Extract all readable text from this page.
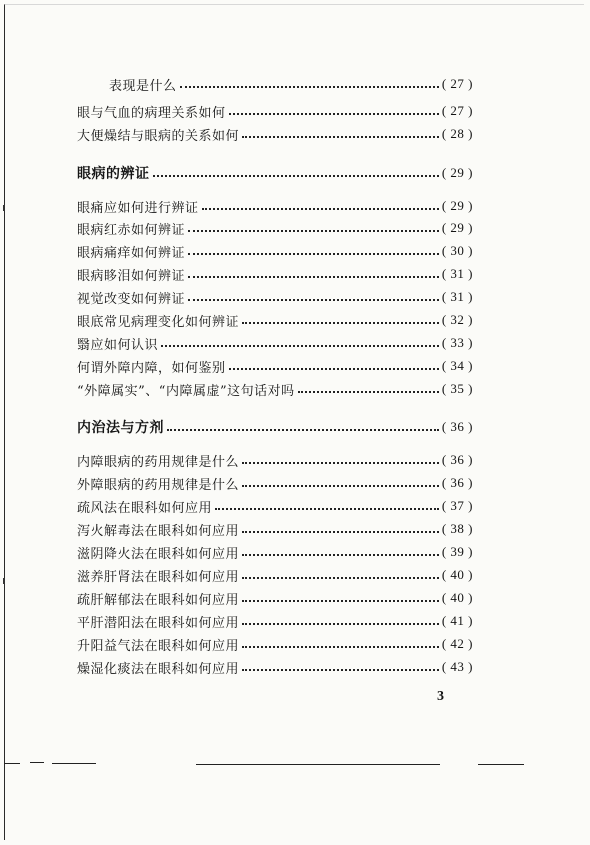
表现是什么	( 27 )
眼与气血的病理关系如何	( 27 )
大便燥结与眼病的关系如何	( 28 )
眼病的辨证	( 29 )
眼痛应如何进行辨证	( 29 )
眼病红赤如何辨证	( 29 )
眼病痛痒如何辨证	( 30 )
眼病眵泪如何辨证	( 31 )
视觉改变如何辨证	( 31 )
眼底常见病理变化如何辨证	( 32 )
翳应如何认识	( 33 )
何谓外障内障，如何鉴别	( 34 )
“外障属实”、“内障属虚”这句话对吗	( 35 )
内治法与方剂	( 36 )
内障眼病的药用规律是什么	( 36 )
外障眼病的药用规律是什么	( 36 )
疏风法在眼科如何应用	( 37 )
泻火解毒法在眼科如何应用	( 38 )
滋阴降火法在眼科如何应用	( 39 )
滋养肝肾法在眼科如何应用	( 40 )
疏肝解郁法在眼科如何应用	( 40 )
平肝潜阳法在眼科如何应用	( 41 )
升阳益气法在眼科如何应用	( 42 )
燥湿化痰法在眼科如何应用	( 43 )
3
